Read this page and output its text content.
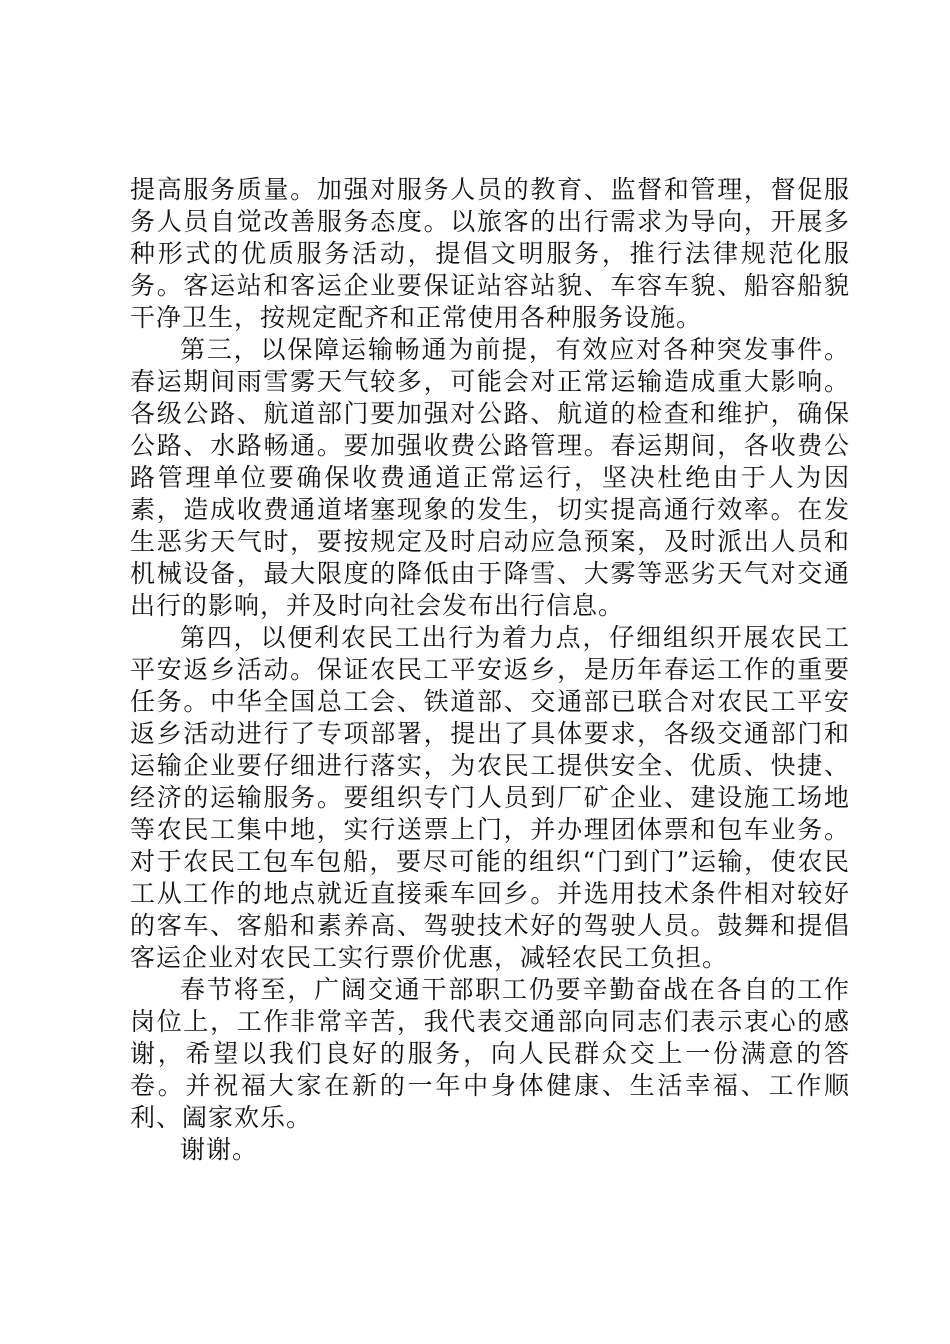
提高服务质量。加强对服务人员的教育、监督和管理，督促服务人员自觉改善服务态度。以旅客的出行需求为导向，开展多种形式的优质服务活动，提倡文明服务，推行法律规范化服务。客运站和客运企业要保证站容站貌、车容车貌、船容船貌干净卫生，按规定配齐和正常使用各种服务设施。

第三，以保障运输畅通为前提，有效应对各种突发事件。春运期间雨雪雾天气较多，可能会对正常运输造成重大影响。各级公路、航道部门要加强对公路、航道的检查和维护，确保公路、水路畅通。要加强收费公路管理。春运期间，各收费公路管理单位要确保收费通道正常运行，坚决杜绝由于人为因素，造成收费通道堵塞现象的发生，切实提高通行效率。在发生恶劣天气时，要按规定及时启动应急预案，及时派出人员和机械设备，最大限度的降低由于降雪、大雾等恶劣天气对交通出行的影响，并及时向社会发布出行信息。

第四，以便利农民工出行为着力点，仔细组织开展农民工平安返乡活动。保证农民工平安返乡，是历年春运工作的重要任务。中华全国总工会、铁道部、交通部已联合对农民工平安返乡活动进行了专项部署，提出了具体要求，各级交通部门和运输企业要仔细进行落实，为农民工提供安全、优质、快捷、经济的运输服务。要组织专门人员到厂矿企业、建设施工场地等农民工集中地，实行送票上门，并办理团体票和包车业务。对于农民工包车包船，要尽可能的组织“门到门”运输，使农民工从工作的地点就近直接乘车回乡。并选用技术条件相对较好的客车、客船和素养高、驾驶技术好的驾驶人员。鼓舞和提倡客运企业对农民工实行票价优惠，减轻农民工负担。

春节将至，广阔交通干部职工仍要辛勤奋战在各自的工作岗位上，工作非常辛苦，我代表交通部向同志们表示衷心的感谢，希望以我们良好的服务，向人民群众交上一份满意的答卷。并祝福大家在新的一年中身体健康、生活幸福、工作顺利、阖家欢乐。

谢谢。
